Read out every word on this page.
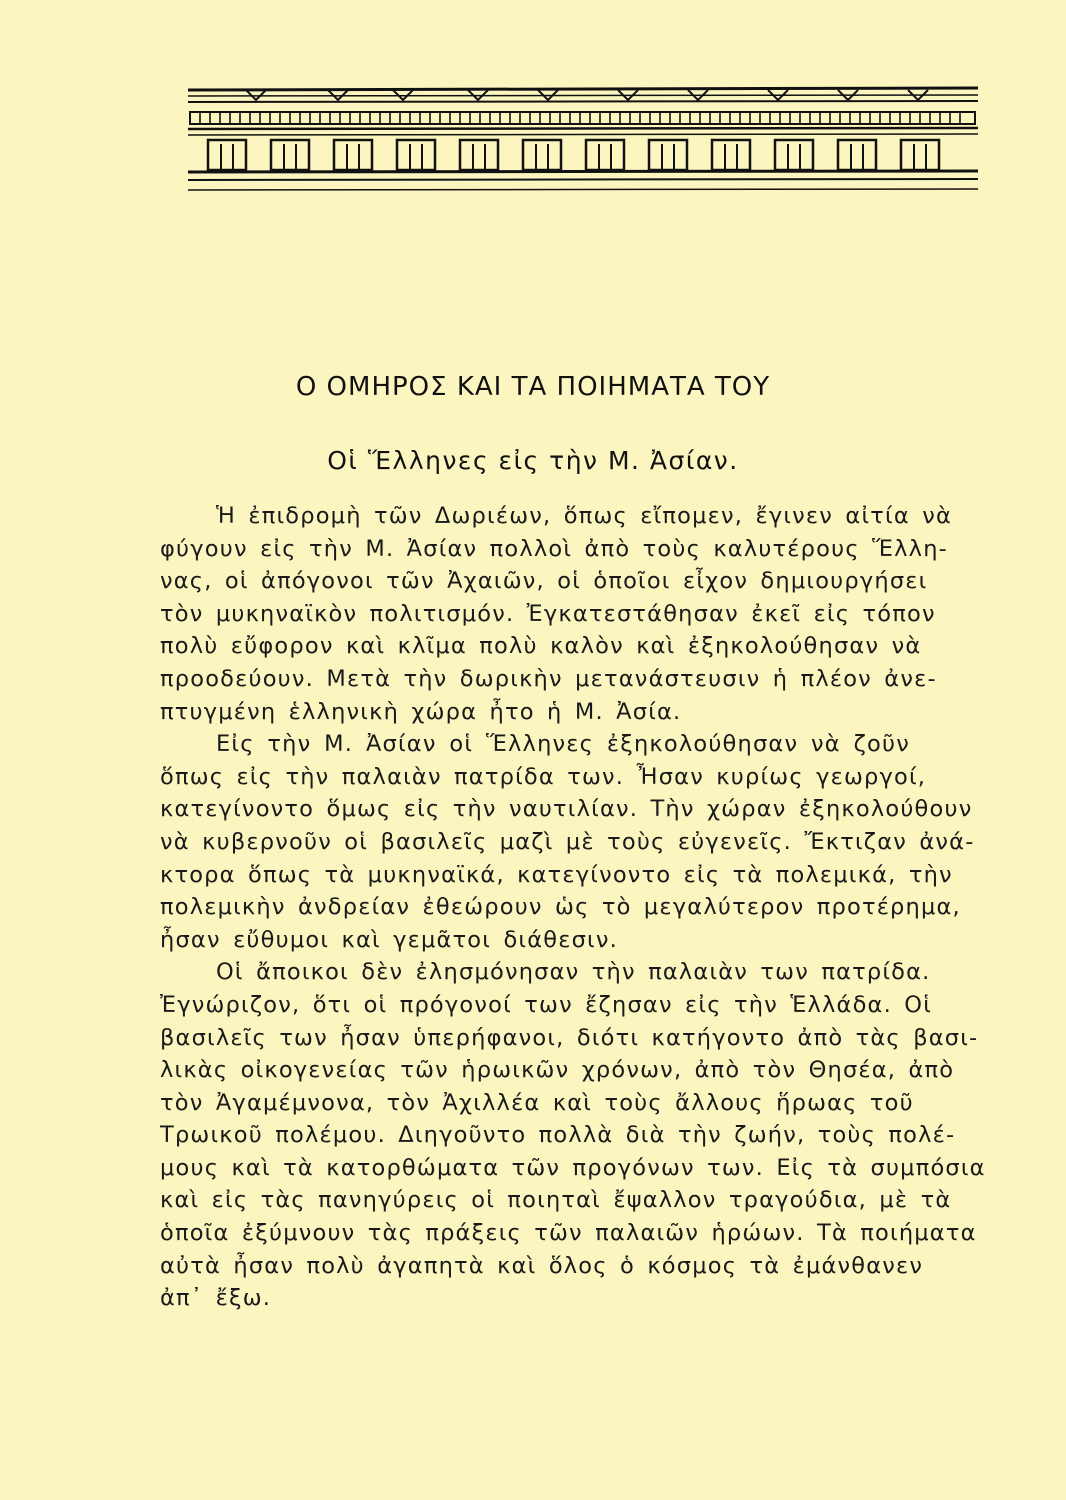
Ο ΟΜΗΡΟΣ ΚΑΙ ΤΑ ΠΟΙΗΜΑΤΑ ΤΟΥ
Οἱ Ἕλληνες εἰς τὴν Μ. Ἀσίαν.
Ἡ ἐπιδρομὴ τῶν Δωριέων, ὅπως εἴπομεν, ἔγινεν αἰτία νὰ
φύγουν εἰς τὴν Μ. Ἀσίαν πολλοὶ ἀπὸ τοὺς καλυτέρους Ἕλλη-
νας, οἱ ἀπόγονοι τῶν Ἀχαιῶν, οἱ ὁποῖοι εἶχον δημιουργήσει
τὸν μυκηναϊκὸν πολιτισμόν. Ἐγκατεστάθησαν ἐκεῖ εἰς τόπον
πολὺ εὔφορον καὶ κλῖμα πολὺ καλὸν καὶ ἐξηκολούθησαν νὰ
προοδεύουν. Μετὰ τὴν δωρικὴν μετανάστευσιν ἡ πλέον ἀνε-
πτυγμένη ἑλληνικὴ χώρα ἦτο ἡ Μ. Ἀσία.
Εἰς τὴν Μ. Ἀσίαν οἱ Ἕλληνες ἐξηκολούθησαν νὰ ζοῦν
ὅπως εἰς τὴν παλαιὰν πατρίδα των. Ἦσαν κυρίως γεωργοί,
κατεγίνοντο ὅμως εἰς τὴν ναυτιλίαν. Τὴν χώραν ἐξηκολούθουν
νὰ κυβερνοῦν οἱ βασιλεῖς μαζὶ μὲ τοὺς εὐγενεῖς. Ἔκτιζαν ἀνά-
κτορα ὅπως τὰ μυκηναϊκά, κατεγίνοντο εἰς τὰ πολεμικά, τὴν
πολεμικὴν ἀνδρείαν ἐθεώρουν ὡς τὸ μεγαλύτερον προτέρημα,
ἦσαν εὔθυμοι καὶ γεμᾶτοι διάθεσιν.
Οἱ ἄποικοι δὲν ἐλησμόνησαν τὴν παλαιὰν των πατρίδα.
Ἐγνώριζον, ὅτι οἱ πρόγονοί των ἔζησαν εἰς τὴν Ἑλλάδα. Οἱ
βασιλεῖς των ἦσαν ὑπερήφανοι, διότι κατήγοντο ἀπὸ τὰς βασι-
λικὰς οἰκογενείας τῶν ἡρωικῶν χρόνων, ἀπὸ τὸν Θησέα, ἀπὸ
τὸν Ἀγαμέμνονα, τὸν Ἀχιλλέα καὶ τοὺς ἄλλους ἥρωας τοῦ
Τρωικοῦ πολέμου. Διηγοῦντο πολλὰ διὰ τὴν ζωήν, τοὺς πολέ-
μους καὶ τὰ κατορθώματα τῶν προγόνων των. Εἰς τὰ συμπόσια
καὶ εἰς τὰς πανηγύρεις οἱ ποιηταὶ ἔψαλλον τραγούδια, μὲ τὰ
ὁποῖα ἐξύμνουν τὰς πράξεις τῶν παλαιῶν ἡρώων. Τὰ ποιήματα
αὐτὰ ἦσαν πολὺ ἀγαπητὰ καὶ ὅλος ὁ κόσμος τὰ ἐμάνθανεν
ἀπ᾿ ἔξω.
